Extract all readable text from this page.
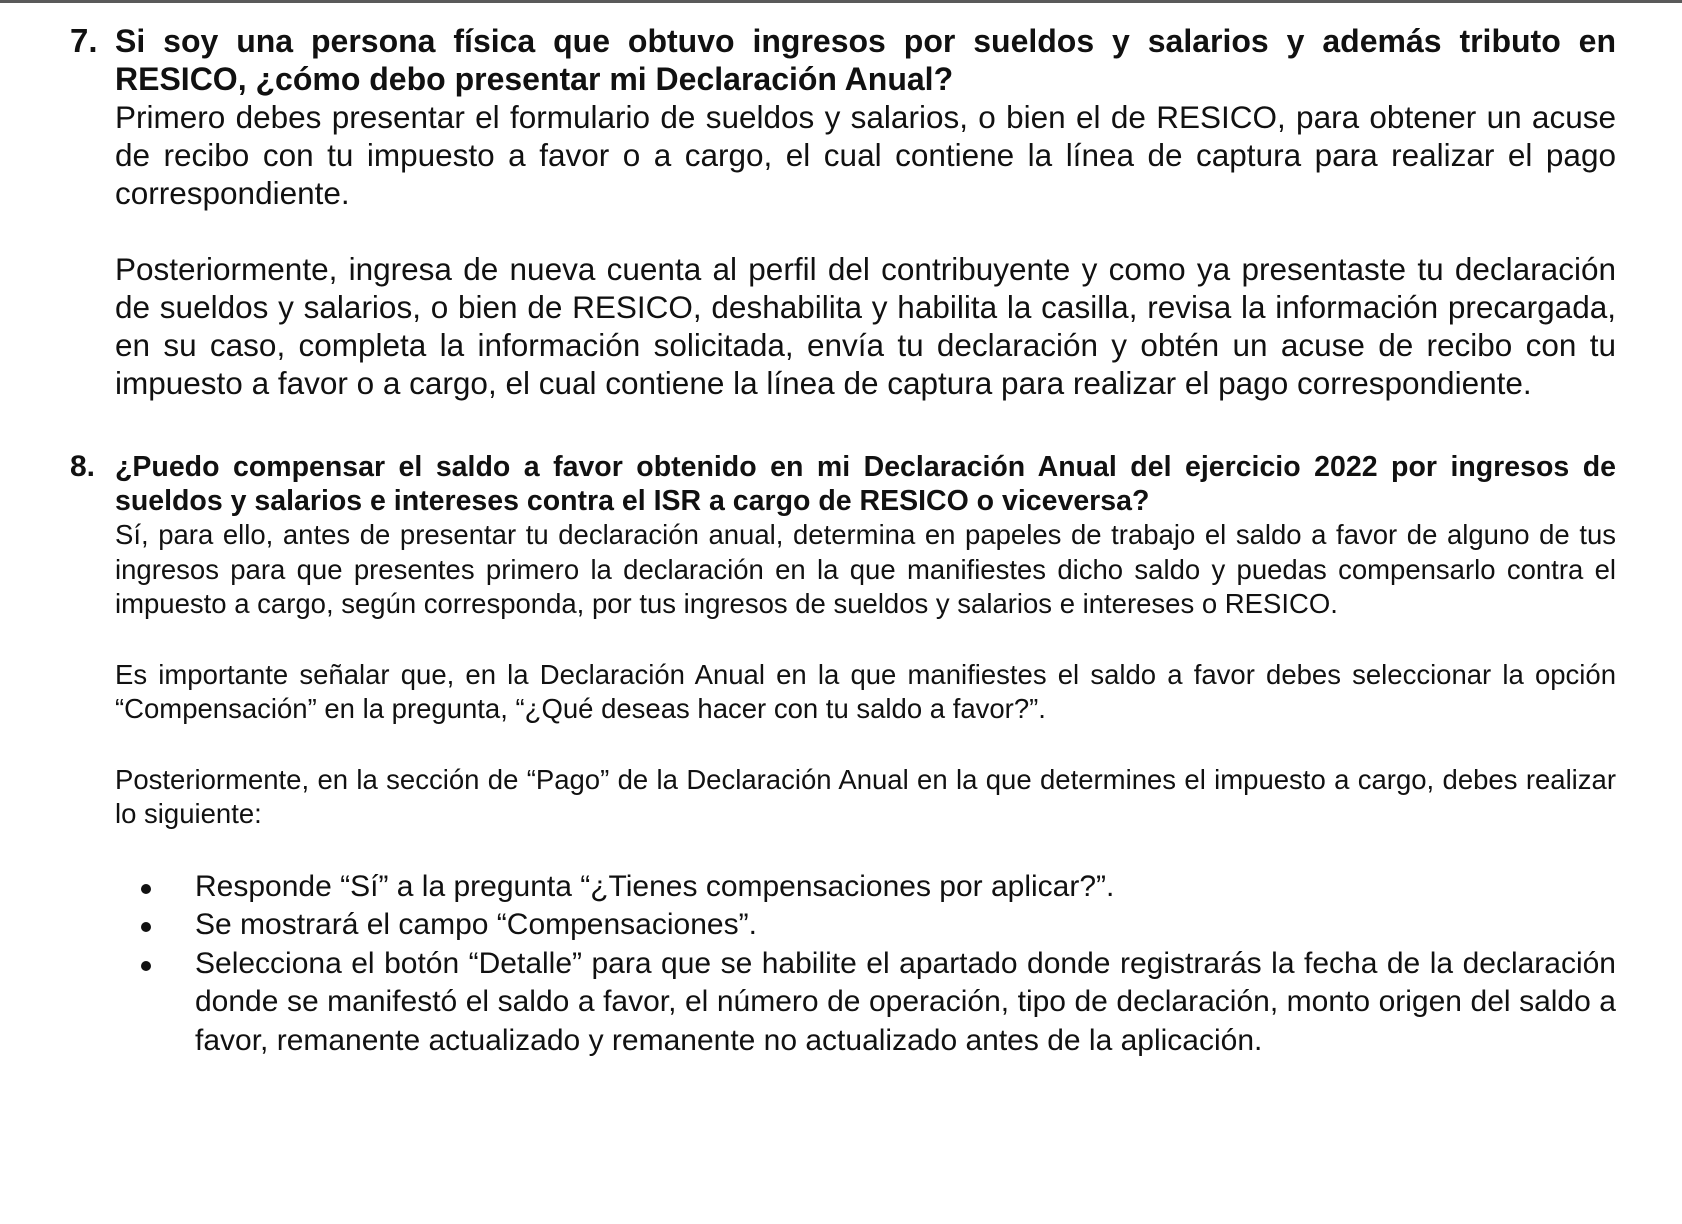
7. Si soy una persona física que obtuvo ingresos por sueldos y salarios y además tributo en RESICO, ¿cómo debo presentar mi Declaración Anual?

Primero debes presentar el formulario de sueldos y salarios, o bien el de RESICO, para obtener un acuse de recibo con tu impuesto a favor o a cargo, el cual contiene la línea de captura para realizar el pago correspondiente.

Posteriormente, ingresa de nueva cuenta al perfil del contribuyente y como ya presentaste tu declaración de sueldos y salarios, o bien de RESICO, deshabilita y habilita la casilla, revisa la información precargada, en su caso, completa la información solicitada, envía tu declaración y obtén un acuse de recibo con tu impuesto a favor o a cargo, el cual contiene la línea de captura para realizar el pago correspondiente.

8. ¿Puedo compensar el saldo a favor obtenido en mi Declaración Anual del ejercicio 2022 por ingresos de sueldos y salarios e intereses contra el ISR a cargo de RESICO o viceversa?

Sí, para ello, antes de presentar tu declaración anual, determina en papeles de trabajo el saldo a favor de alguno de tus ingresos para que presentes primero la declaración en la que manifiestes dicho saldo y puedas compensarlo contra el impuesto a cargo, según corresponda, por tus ingresos de sueldos y salarios e intereses o RESICO.

Es importante señalar que, en la Declaración Anual en la que manifiestes el saldo a favor debes seleccionar la opción “Compensación” en la pregunta, “¿Qué deseas hacer con tu saldo a favor?”.

Posteriormente, en la sección de “Pago” de la Declaración Anual en la que determines el impuesto a cargo, debes realizar lo siguiente:

Responde “Sí” a la pregunta “¿Tienes compensaciones por aplicar?”.
Se mostrará el campo “Compensaciones”.
Selecciona el botón “Detalle” para que se habilite el apartado donde registrarás la fecha de la declaración donde se manifestó el saldo a favor, el número de operación, tipo de declaración, monto origen del saldo a favor, remanente actualizado y remanente no actualizado antes de la aplicación.
